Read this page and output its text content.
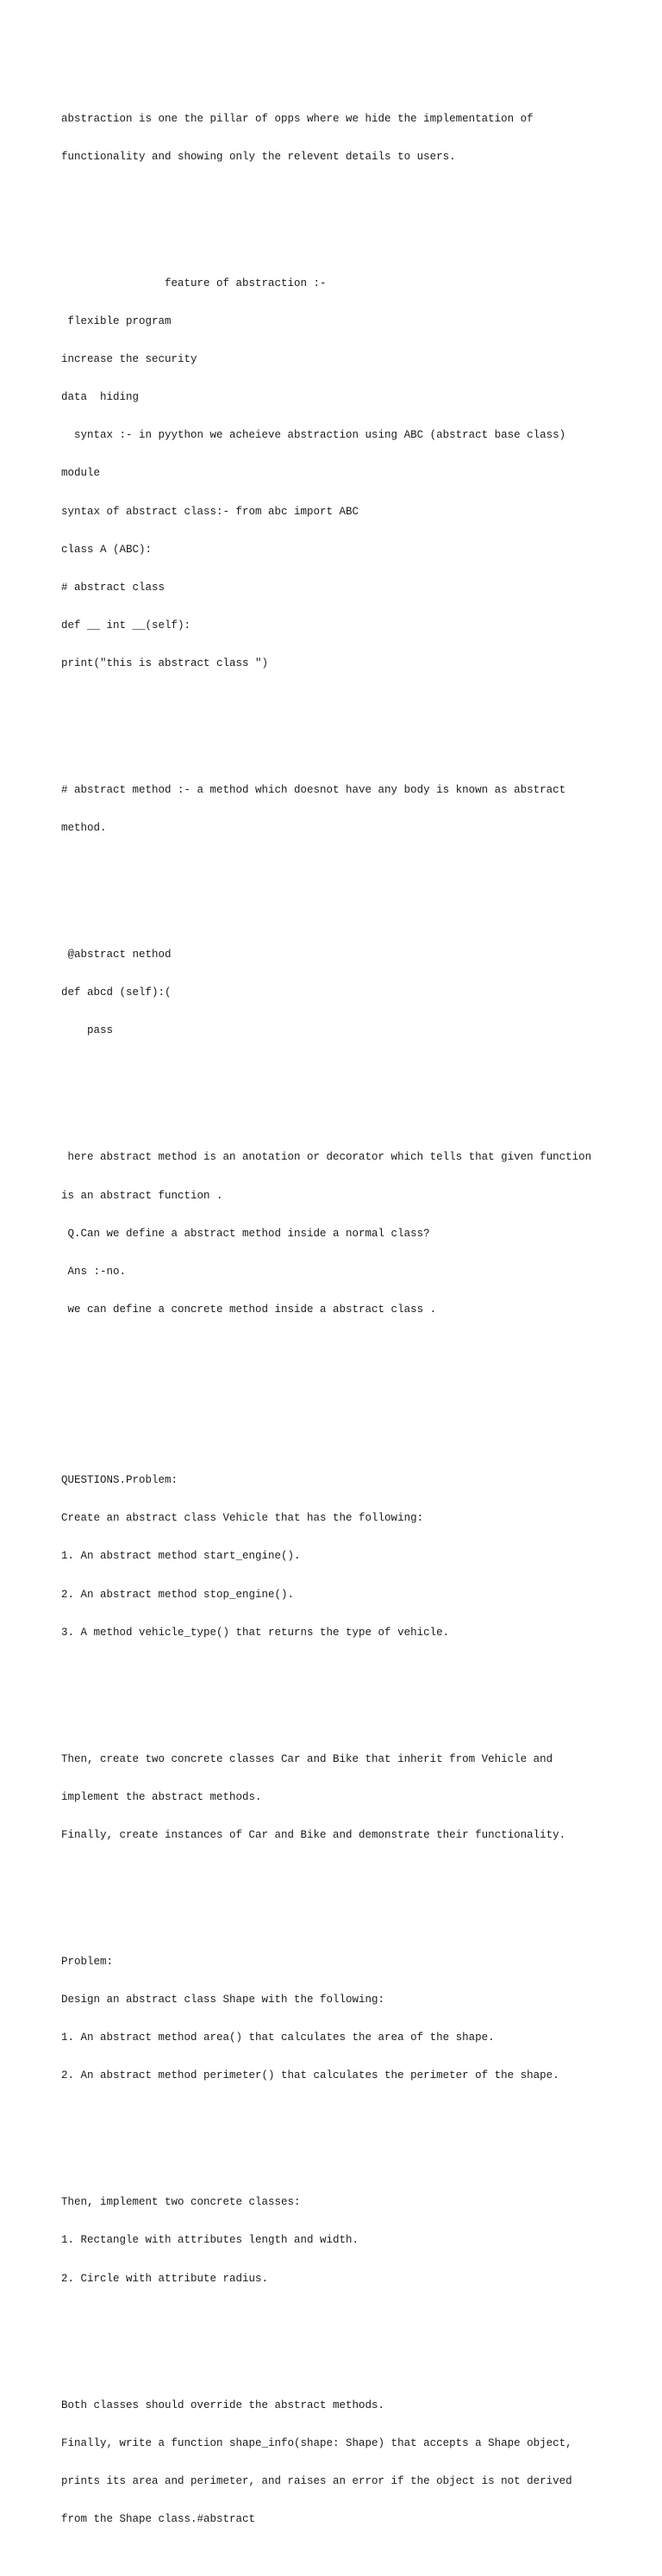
abstraction is one the pillar of opps where we hide the implementation of

functionality and showing only the relevent details to users.

feature of abstraction :-

flexible program

increase the security

data  hiding

syntax :- in pyython we acheieve abstraction using ABC (abstract base class)

module

syntax of abstract class:- from abc import ABC

class A (ABC):

# abstract class

def __ int __(self):

print("this is abstract class ")

# abstract method :- a method which doesnot have any body is known as abstract

method.

@abstract nethod

def abcd (self):(

pass

here abstract method is an anotation or decorator which tells that given function

is an abstract function .

Q.Can we define a abstract method inside a normal class?

Ans :-no.

we can define a concrete method inside a abstract class .

QUESTIONS.Problem:

Create an abstract class Vehicle that has the following:

1. An abstract method start_engine().

2. An abstract method stop_engine().

3. A method vehicle_type() that returns the type of vehicle.

Then, create two concrete classes Car and Bike that inherit from Vehicle and

implement the abstract methods.

Finally, create instances of Car and Bike and demonstrate their functionality.

Problem:

Design an abstract class Shape with the following:

1. An abstract method area() that calculates the area of the shape.

2. An abstract method perimeter() that calculates the perimeter of the shape.

Then, implement two concrete classes:

1. Rectangle with attributes length and width.

2. Circle with attribute radius.

Both classes should override the abstract methods.

Finally, write a function shape_info(shape: Shape) that accepts a Shape object,

prints its area and perimeter, and raises an error if the object is not derived

from the Shape class.#abstract
